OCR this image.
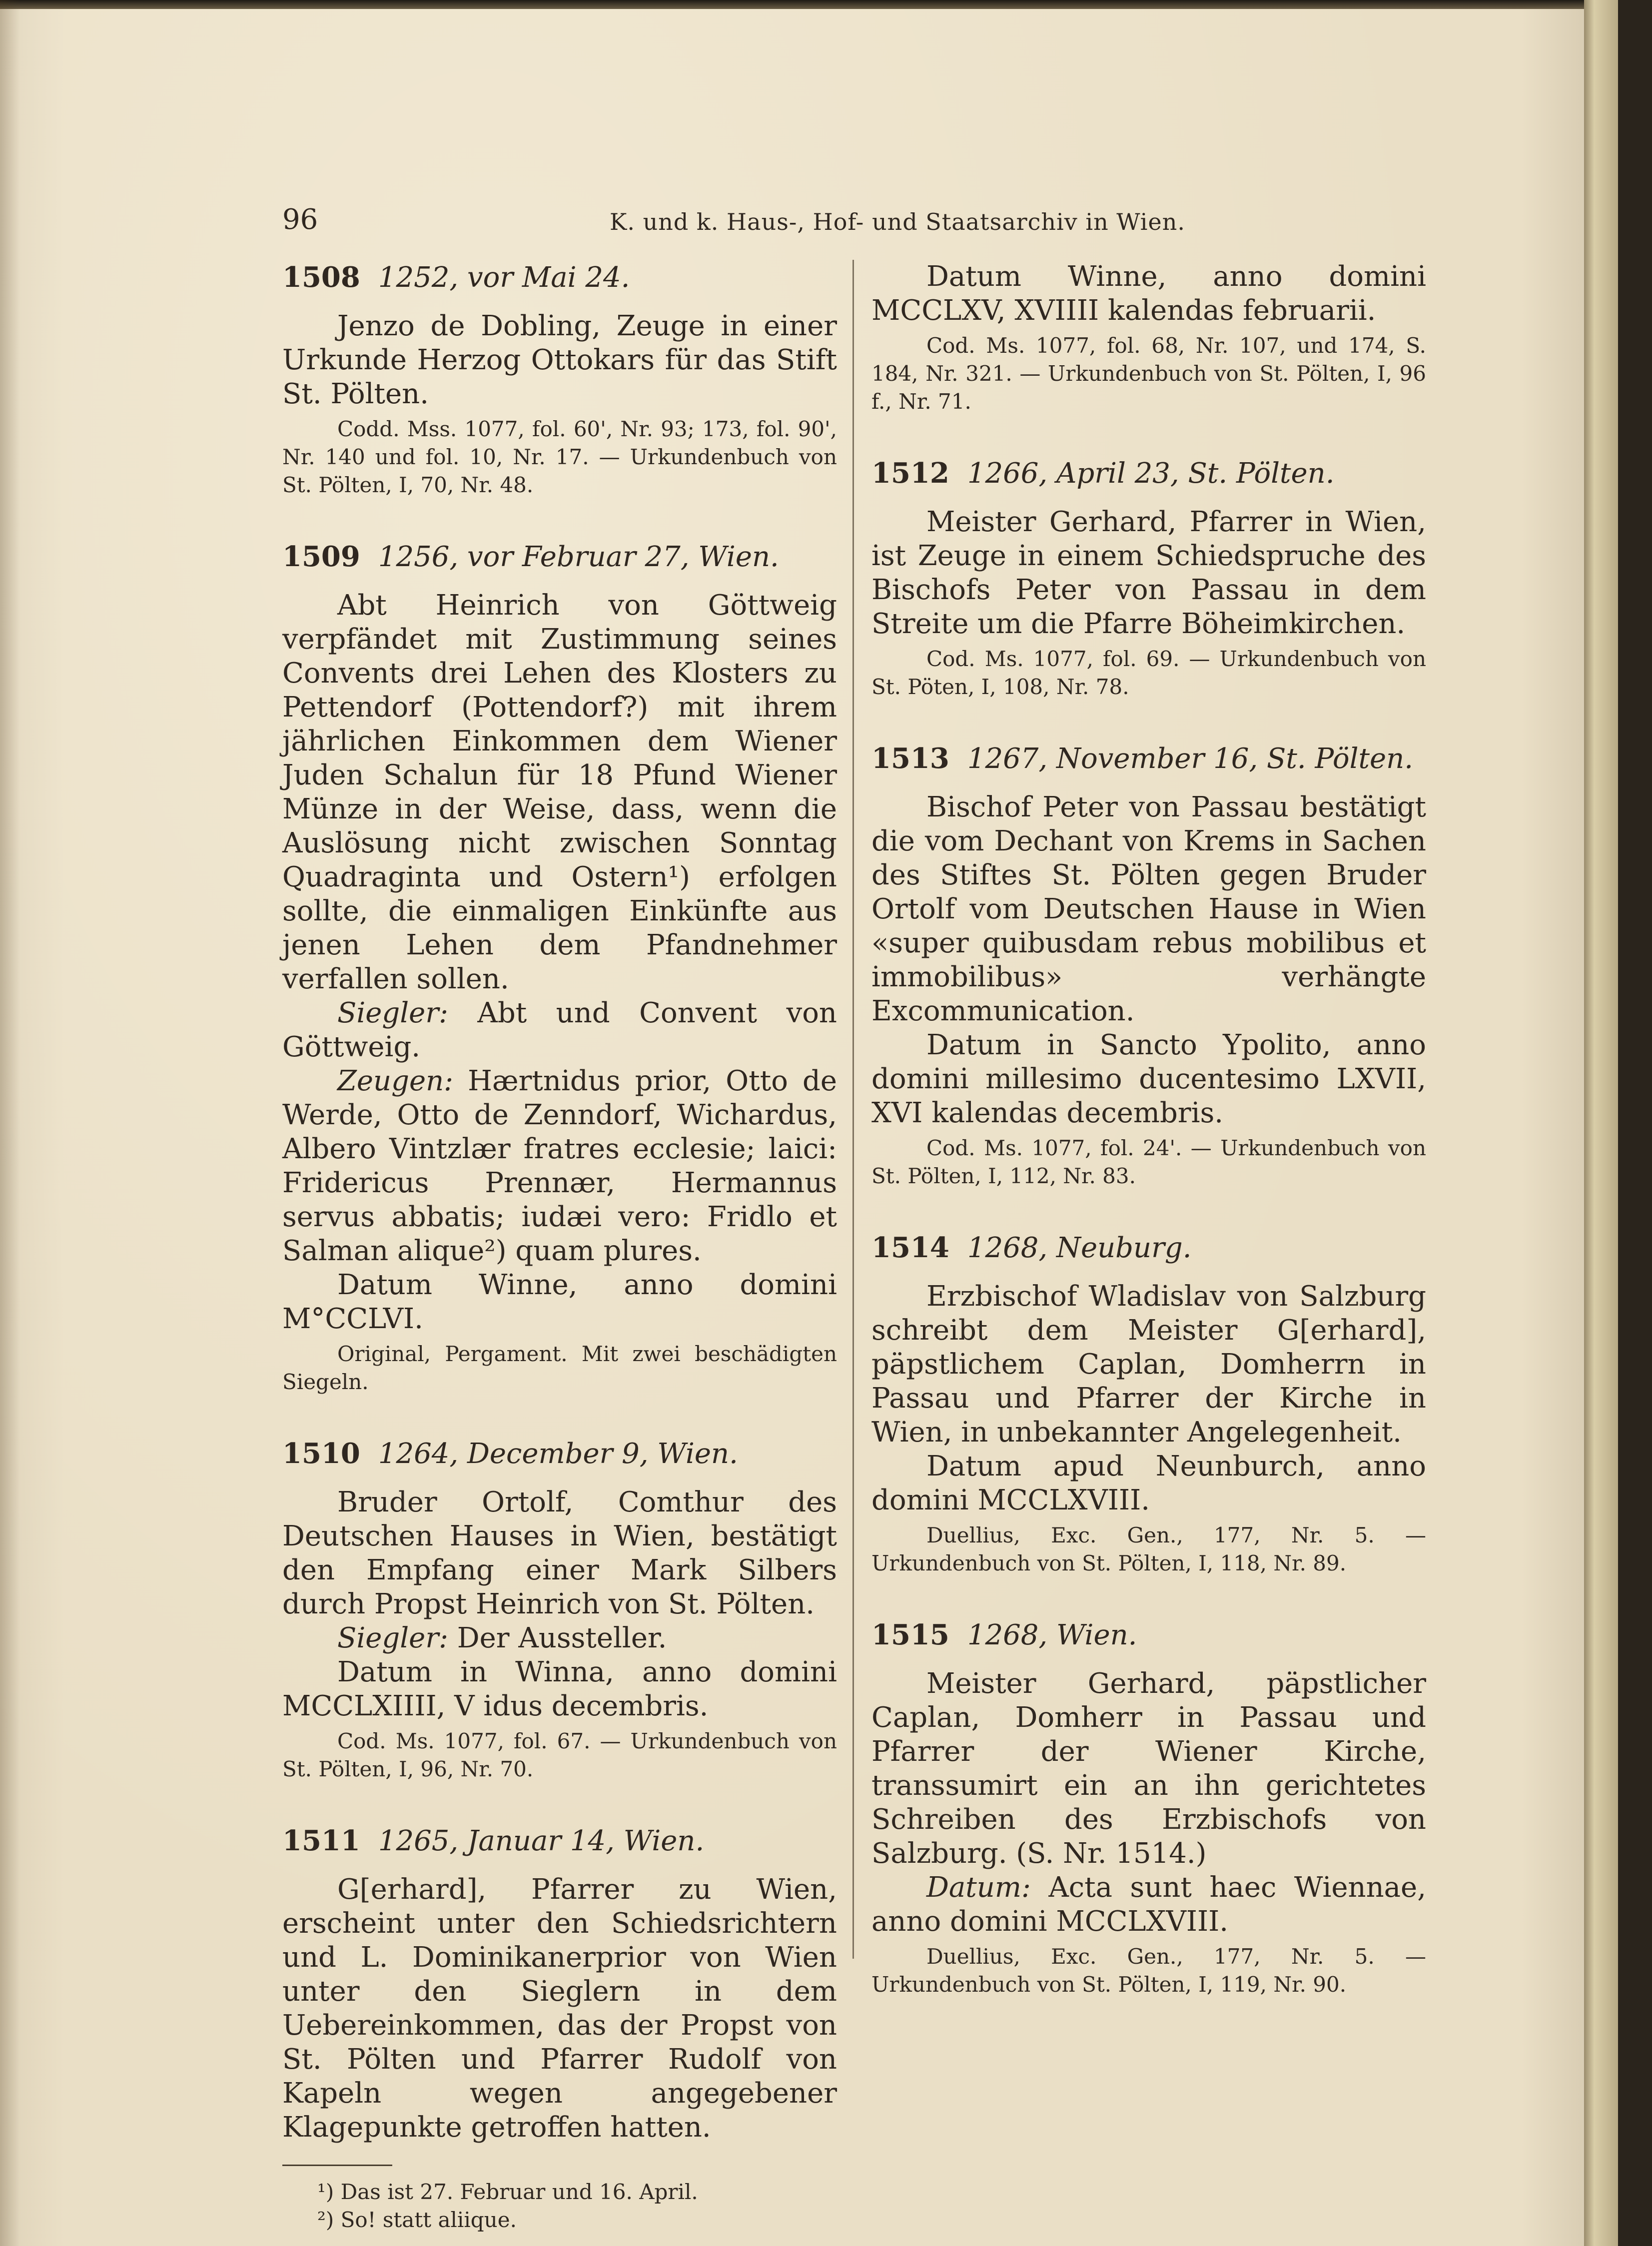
96	K. und k. Haus-, Hof- und Staatsarchiv in Wien.

1508 1252, vor Mai 24.

Jenzo de Dobling, Zeuge in einer Urkunde Herzog Ottokars für das Stift St. Pölten.

Codd. Mss. 1077, fol. 60', Nr. 93; 173, fol. 90', Nr. 140 und fol. 10, Nr. 17. — Urkundenbuch von St. Pölten, I, 70, Nr. 48.

1509 1256, vor Februar 27, Wien.

Abt Heinrich von Göttweig verpfändet mit Zustimmung seines Convents drei Lehen des Klosters zu Pettendorf (Pottendorf?) mit ihrem jährlichen Einkommen dem Wiener Juden Schalun für 18 Pfund Wiener Münze in der Weise, dass, wenn die Auslösung nicht zwischen Sonntag Quadraginta und Ostern¹) erfolgen sollte, die einmaligen Einkünfte aus jenen Lehen dem Pfandnehmer verfallen sollen.

Siegler: Abt und Convent von Göttweig.

Zeugen: Hærtnidus prior, Otto de Werde, Otto de Zenndorf, Wichardus, Albero Vintzlær fratres ecclesie; laici: Fridericus Prennær, Hermannus servus abbatis; iudæi vero: Fridlo et Salman alique²) quam plures.

Datum Winne, anno domini M°CCLVI.

Original, Pergament. Mit zwei beschädigten Siegeln.

1510 1264, December 9, Wien.

Bruder Ortolf, Comthur des Deutschen Hauses in Wien, bestätigt den Empfang einer Mark Silbers durch Propst Heinrich von St. Pölten.

Siegler: Der Aussteller.

Datum in Winna, anno domini MCCLXIIII, V idus decembris.

Cod. Ms. 1077, fol. 67. — Urkundenbuch von St. Pölten, I, 96, Nr. 70.

1511 1265, Januar 14, Wien.

G[erhard], Pfarrer zu Wien, erscheint unter den Schiedsrichtern und L. Dominikanerprior von Wien unter den Sieglern in dem Uebereinkommen, das der Propst von St. Pölten und Pfarrer Rudolf von Kapeln wegen angegebener Klagepunkte getroffen hatten.

¹) Das ist 27. Februar und 16. April.

²) So! statt aliique.

Datum Winne, anno domini MCCLXV, XVIIII kalendas februarii.

Cod. Ms. 1077, fol. 68, Nr. 107, und 174, S. 184, Nr. 321. — Urkundenbuch von St. Pölten, I, 96 f., Nr. 71.

1512 1266, April 23, St. Pölten.

Meister Gerhard, Pfarrer in Wien, ist Zeuge in einem Schiedspruche des Bischofs Peter von Passau in dem Streite um die Pfarre Böheimkirchen.

Cod. Ms. 1077, fol. 69. — Urkundenbuch von St. Pöten, I, 108, Nr. 78.

1513 1267, November 16, St. Pölten.

Bischof Peter von Passau bestätigt die vom Dechant von Krems in Sachen des Stiftes St. Pölten gegen Bruder Ortolf vom Deutschen Hause in Wien «super quibusdam rebus mobilibus et immobilibus» verhängte Excommunication.

Datum in Sancto Ypolito, anno domini millesimo ducentesimo LXVII, XVI kalendas decembris.

Cod. Ms. 1077, fol. 24'. — Urkundenbuch von St. Pölten, I, 112, Nr. 83.

1514 1268, Neuburg.

Erzbischof Wladislav von Salzburg schreibt dem Meister G[erhard], päpstlichem Caplan, Domherrn in Passau und Pfarrer der Kirche in Wien, in unbekannter Angelegenheit.

Datum apud Neunburch, anno domini MCCLXVIII.

Duellius, Exc. Gen., 177, Nr. 5. — Urkundenbuch von St. Pölten, I, 118, Nr. 89.

1515 1268, Wien.

Meister Gerhard, päpstlicher Caplan, Domherr in Passau und Pfarrer der Wiener Kirche, transsumirt ein an ihn gerichtetes Schreiben des Erzbischofs von Salzburg. (S. Nr. 1514.)

Datum: Acta sunt haec Wiennae, anno domini MCCLXVIII.

Duellius, Exc. Gen., 177, Nr. 5. — Urkundenbuch von St. Pölten, I, 119, Nr. 90.
